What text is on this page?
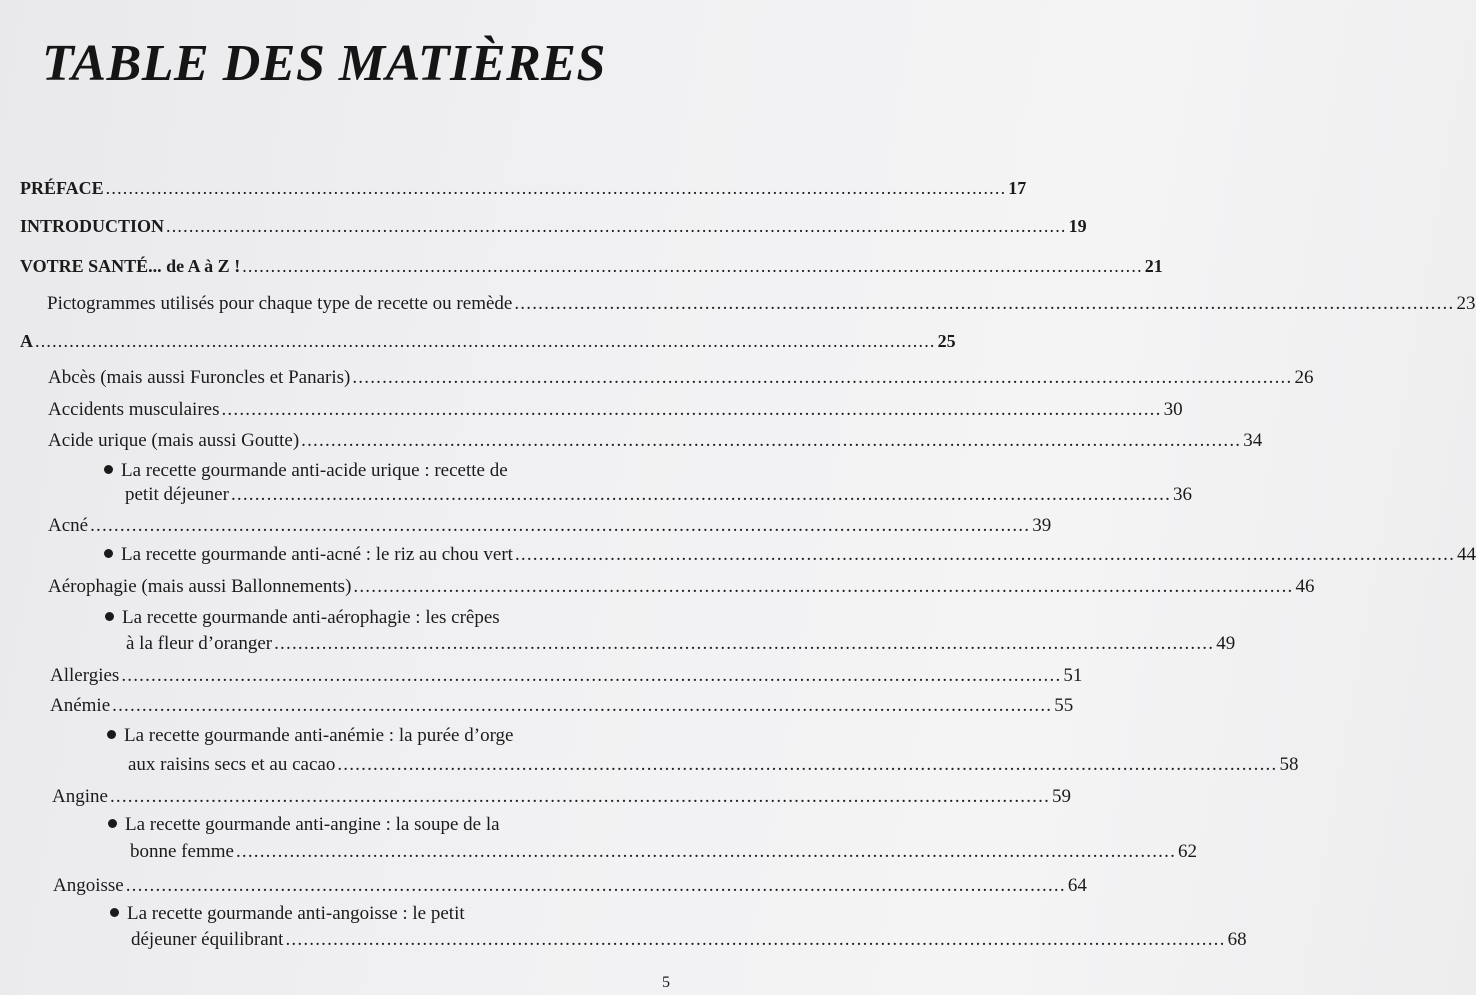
TABLE DES MATIÈRES
PRÉFACE .............................................................................................................................................................. 17
INTRODUCTION .............................................................................................................................................................. 19
VOTRE SANTÉ... de A à Z ! .............................................................................................................................................................. 21
Pictogrammes utilisés pour chaque type de recette ou remède .............................................................................................................................................................. 23
A .............................................................................................................................................................. 25
Abcès (mais aussi Furoncles et Panaris) .............................................................................................................................................................. 26
Accidents musculaires .............................................................................................................................................................. 30
Acide urique (mais aussi Goutte) .............................................................................................................................................................. 34
La recette gourmande anti-acide urique : recette de
petit déjeuner .............................................................................................................................................................. 36
Acné .............................................................................................................................................................. 39
La recette gourmande anti-acné : le riz au chou vert .............................................................................................................................................................. 44
Aérophagie (mais aussi Ballonnements) .............................................................................................................................................................. 46
La recette gourmande anti-aérophagie : les crêpes
à la fleur d’oranger .............................................................................................................................................................. 49
Allergies .............................................................................................................................................................. 51
Anémie .............................................................................................................................................................. 55
La recette gourmande anti-anémie : la purée d’orge
aux raisins secs et au cacao .............................................................................................................................................................. 58
Angine .............................................................................................................................................................. 59
La recette gourmande anti-angine : la soupe de la
bonne femme .............................................................................................................................................................. 62
Angoisse .............................................................................................................................................................. 64
La recette gourmande anti-angoisse : le petit
déjeuner équilibrant .............................................................................................................................................................. 68
5
